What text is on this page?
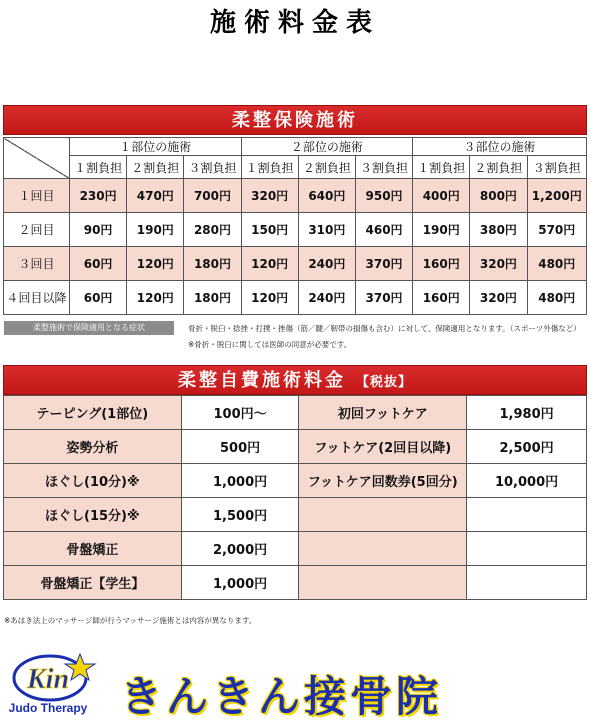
施術料金表
柔整保険施術
	１部位の施術			２部位の施術			３部位の施術		
	１割負担	２割負担	３割負担	１割負担	２割負担	３割負担	１割負担	２割負担	３割負担
１回目	230円	470円	700円	320円	640円	950円	400円	800円	1,200円
２回目	90円	190円	280円	150円	310円	460円	190円	380円	570円
３回目	60円	120円	180円	120円	240円	370円	160円	320円	480円
４回目以降	60円	120円	180円	120円	240円	370円	160円	320円	480円
柔整施術で保険適用となる症状	骨折・脱臼・捻挫・打撲・挫傷（筋／腱／靭帯の損傷も含む）に対して、保険適用となります。（スポーツ外傷など）
※骨折・脱臼に関しては医師の同意が必要です。
柔整自費施術料金 【税抜】
テーピング(1部位)	100円〜	初回フットケア	1,980円
姿勢分析	500円	フットケア(2回目以降)	2,500円
ほぐし(10分)※	1,000円	フットケア回数券(5回分)	10,000円
ほぐし(15分)※	1,500円		
骨盤矯正	2,000円		
骨盤矯正【学生】	1,000円		
※あはき法上のマッサージ師が行うマッサージ施術とは内容が異なります。
Kin
Judo Therapy きんきん接骨院
